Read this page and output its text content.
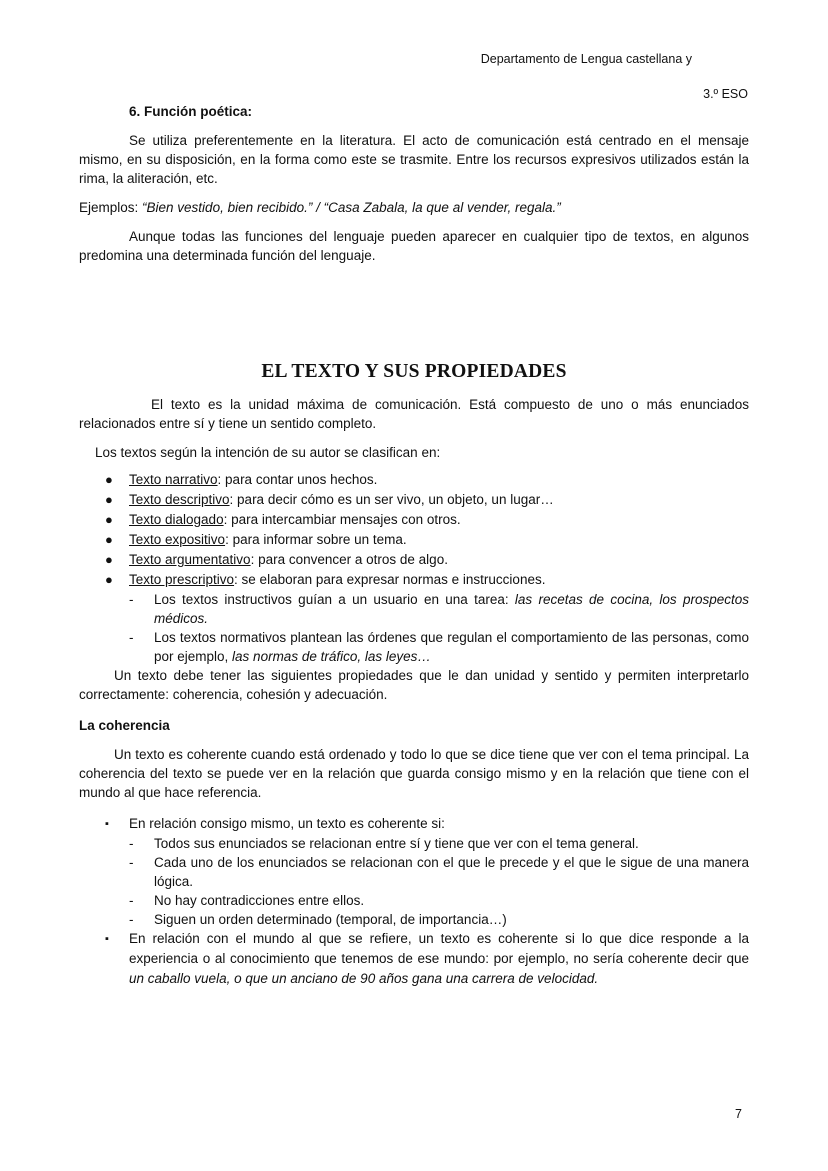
Departamento de Lengua castellana y
3.º ESO
6. Función poética:

Se utiliza preferentemente en la literatura. El acto de comunicación está centrado en el mensaje mismo, en su disposición, en la forma como este se trasmite. Entre los recursos expresivos utilizados están la rima, la aliteración, etc.

Ejemplos: “Bien vestido, bien recibido.” / “Casa Zabala, la que al vender, regala.”

Aunque todas las funciones del lenguaje pueden aparecer en cualquier tipo de textos, en algunos predomina una determinada función del lenguaje.

EL TEXTO Y SUS PROPIEDADES

El texto es la unidad máxima de comunicación. Está compuesto de uno o más enunciados relacionados entre sí y tiene un sentido completo.

Los textos según la intención de su autor se clasifican en:

● Texto narrativo: para contar unos hechos.
● Texto descriptivo: para decir cómo es un ser vivo, un objeto, un lugar…
● Texto dialogado: para intercambiar mensajes con otros.
● Texto expositivo: para informar sobre un tema.
● Texto argumentativo: para convencer a otros de algo.
● Texto prescriptivo: se elaboran para expresar normas e instrucciones.
- Los textos instructivos guían a un usuario en una tarea: las recetas de cocina, los prospectos médicos.
- Los textos normativos plantean las órdenes que regulan el comportamiento de las personas, como por ejemplo, las normas de tráfico, las leyes…

Un texto debe tener las siguientes propiedades que le dan unidad y sentido y permiten interpretarlo correctamente: coherencia, cohesión y adecuación.

La coherencia

Un texto es coherente cuando está ordenado y todo lo que se dice tiene que ver con el tema principal. La coherencia del texto se puede ver en la relación que guarda consigo mismo y en la relación que tiene con el mundo al que hace referencia.

▪ En relación consigo mismo, un texto es coherente si:
- Todos sus enunciados se relacionan entre sí y tiene que ver con el tema general.
- Cada uno de los enunciados se relacionan con el que le precede y el que le sigue de una manera lógica.
- No hay contradicciones entre ellos.
- Siguen un orden determinado (temporal, de importancia…)
▪ En relación con el mundo al que se refiere, un texto es coherente si lo que dice responde a la experiencia o al conocimiento que tenemos de ese mundo: por ejemplo, no sería coherente decir que un caballo vuela, o que un anciano de 90 años gana una carrera de velocidad.
7
